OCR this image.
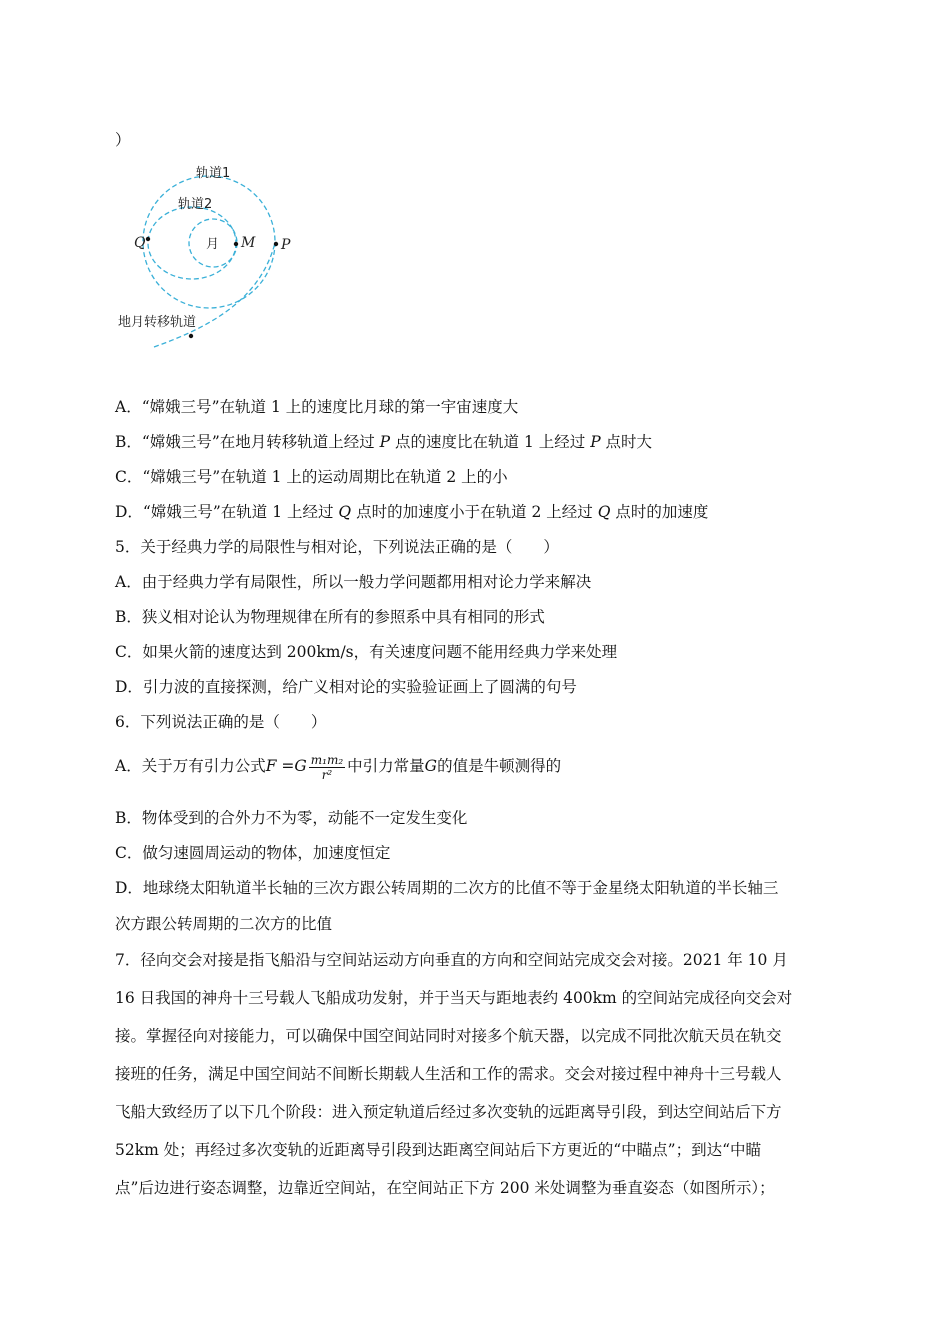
）
轨道1
轨道2
月
Q	M P
地月转移轨道
A．“嫦娥三号”在轨道 1 上的速度比月球的第一宇宙速度大
B．“嫦娥三号”在地月转移轨道上经过 P 点的速度比在轨道 1 上经过 P 点时大
C．“嫦娥三号”在轨道 1 上的运动周期比在轨道 2 上的小
D．“嫦娥三号”在轨道 1 上经过 Q 点时的加速度小于在轨道 2 上经过 Q 点时的加速度
5．关于经典力学的局限性与相对论，下列说法正确的是（　　）
A．由于经典力学有局限性，所以一般力学问题都用相对论力学来解决
B．狭义相对论认为物理规律在所有的参照系中具有相同的形式
C．如果火箭的速度达到 200km/s，有关速度问题不能用经典力学来处理
D．引力波的直接探测，给广义相对论的实验验证画上了圆满的句号
6．下列说法正确的是（　　）
A．关于万有引力公式$F =G \frac{\text{m₁m₂}}{\text{r²}}$ 中引力常量G的值是牛顿测得的
B．物体受到的合外力不为零，动能不一定发生变化
C．做匀速圆周运动的物体，加速度恒定
D．地球绕太阳轨道半长轴的三次方跟公转周期的二次方的比值不等于金星绕太阳轨道的半长轴三
次方跟公转周期的二次方的比值
7．径向交会对接是指飞船沿与空间站运动方向垂直的方向和空间站完成交会对接。2021 年 10 月
16 日我国的神舟十三号载人飞船成功发射，并于当天与距地表约 400km 的空间站完成径向交会对
接。掌握径向对接能力，可以确保中国空间站同时对接多个航天器，以完成不同批次航天员在轨交
接班的任务，满足中国空间站不间断长期载人生活和工作的需求。交会对接过程中神舟十三号载人
飞船大致经历了以下几个阶段：进入预定轨道后经过多次变轨的远距离导引段，到达空间站后下方
52km 处；再经过多次变轨的近距离导引段到达距离空间站后下方更近的“中瞄点”；到达“中瞄
点”后边进行姿态调整，边靠近空间站，在空间站正下方 200 米处调整为垂直姿态（如图所示）；
